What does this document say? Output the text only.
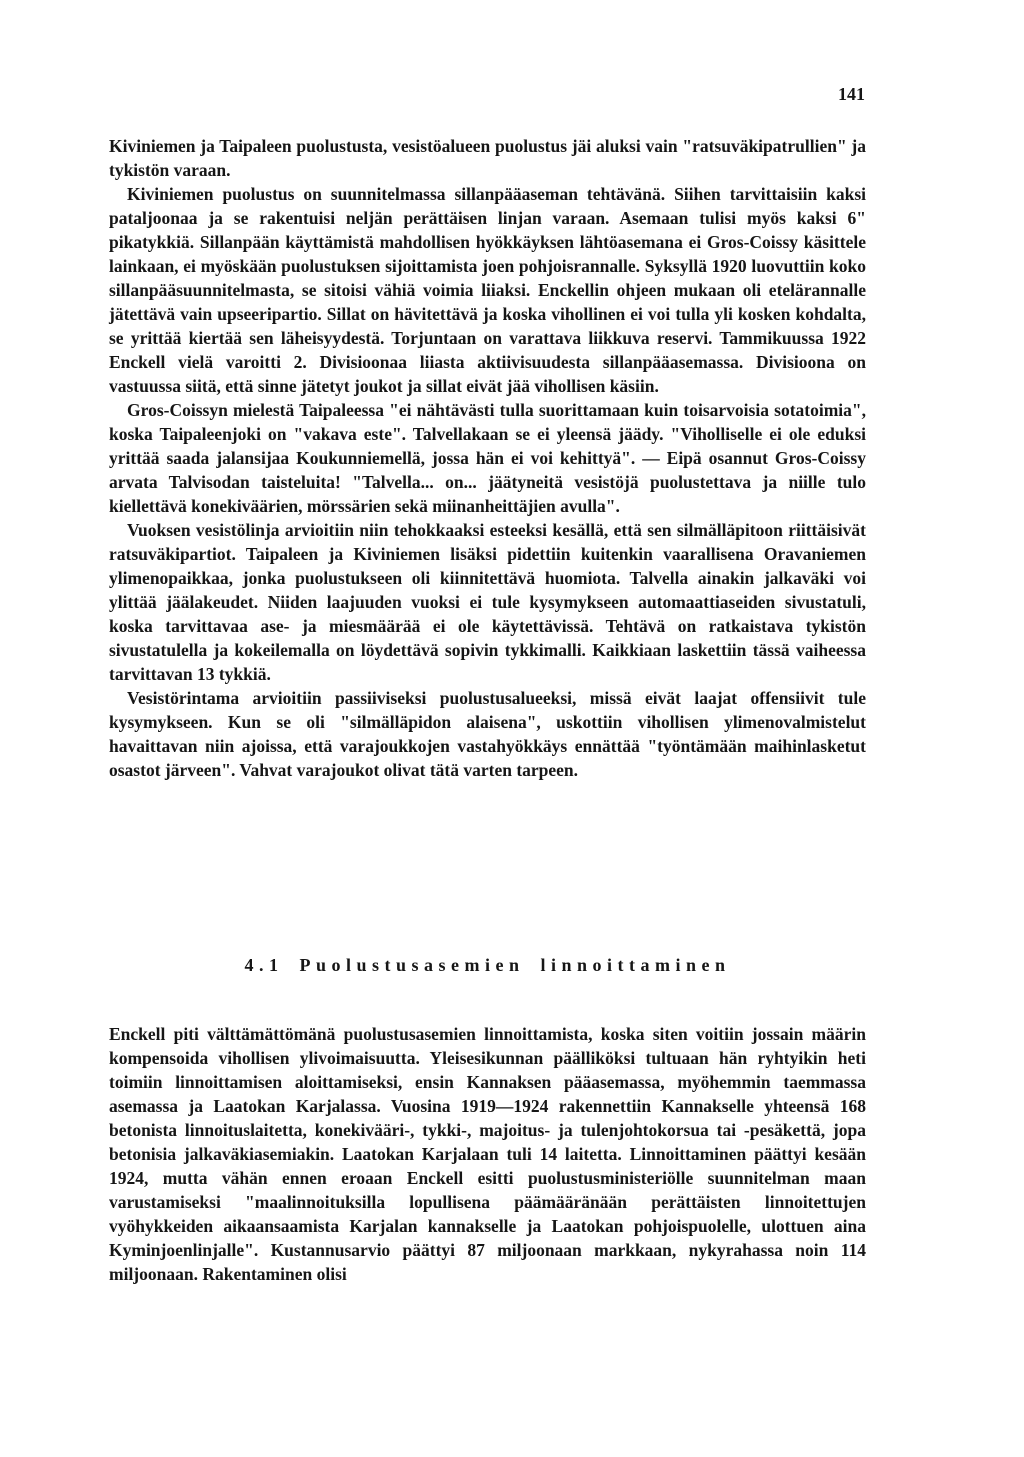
141

Kiviniemen ja Taipaleen puolustusta, vesistöalueen puolustus jäi aluksi vain "ratsuväkipatrullien" ja tykistön varaan.

Kiviniemen puolustus on suunnitelmassa sillanpääaseman tehtävänä. Siihen tarvittaisiin kaksi pataljoonaa ja se rakentuisi neljän perättäisen linjan varaan. Asemaan tulisi myös kaksi 6" pikatykkiä. Sillanpään käyttämistä mahdollisen hyökkäyksen lähtöasemana ei Gros-Coissy käsittele lainkaan, ei myöskään puolustuksen sijoittamista joen pohjoisrannalle. Syksyllä 1920 luovuttiin koko sillanpääsuunnitelmasta, se sitoisi vähiä voimia liiaksi. Enckellin ohjeen mukaan oli etelärannalle jätettävä vain upseeripartio. Sillat on hävitettävä ja koska vihollinen ei voi tulla yli kosken kohdalta, se yrittää kiertää sen läheisyydestä. Torjuntaan on varattava liikkuva reservi. Tammikuussa 1922 Enckell vielä varoitti 2. Divisioonaa liiasta aktiivisuudesta sillanpääasemassa. Divisioona on vastuussa siitä, että sinne jätetyt joukot ja sillat eivät jää vihollisen käsiin.

Gros-Coissyn mielestä Taipaleessa "ei nähtävästi tulla suorittamaan kuin toisarvoisia sotatoimia", koska Taipaleenjoki on "vakava este". Talvellakaan se ei yleensä jäädy. "Viholliselle ei ole eduksi yrittää saada jalansijaa Koukunniemellä, jossa hän ei voi kehittyä". — Eipä osannut Gros-Coissy arvata Talvisodan taisteluita! "Talvella... on... jäätyneitä vesistöjä puolustettava ja niille tulo kiellettävä konekiväärien, mörssärien sekä miinanheittäjien avulla".

Vuoksen vesistölinja arvioitiin niin tehokkaaksi esteeksi kesällä, että sen silmälläpitoon riittäisivät ratsuväkipartiot. Taipaleen ja Kiviniemen lisäksi pidettiin kuitenkin vaarallisena Oravaniemen ylimenopaikkaa, jonka puolustukseen oli kiinnitettävä huomiota. Talvella ainakin jalkaväki voi ylittää jäälakeudet. Niiden laajuuden vuoksi ei tule kysymykseen automaattiaseiden sivustatuli, koska tarvittavaa ase- ja miesmäärää ei ole käytettävissä. Tehtävä on ratkaistava tykistön sivustatulella ja kokeilemalla on löydettävä sopivin tykkimalli. Kaikkiaan laskettiin tässä vaiheessa tarvittavan 13 tykkiä.

Vesistörintama arvioitiin passiiviseksi puolustusalueeksi, missä eivät laajat offensiivit tule kysymykseen. Kun se oli "silmälläpidon alaisena", uskottiin vihollisen ylimenovalmistelut havaittavan niin ajoissa, että varajoukkojen vastahyökkäys ennättää "työntämään maihinlasketut osastot järveen". Vahvat varajoukot olivat tätä varten tarpeen.

4.1 Puolustusasemien linnoittaminen

Enckell piti välttämättömänä puolustusasemien linnoittamista, koska siten voitiin jossain määrin kompensoida vihollisen ylivoimaisuutta. Yleisesikunnan päälliköksi tultuaan hän ryhtyikin heti toimiin linnoittamisen aloittamiseksi, ensin Kannaksen pääasemassa, myöhemmin taemmassa asemassa ja Laatokan Karjalassa. Vuosina 1919—1924 rakennettiin Kannakselle yhteensä 168 betonista linnoituslaitetta, konekivääri-, tykki-, majoitus- ja tulenjohtokorsua tai -pesäkettä, jopa betonisia jalkaväkiasemiakin. Laatokan Karjalaan tuli 14 laitetta. Linnoittaminen päättyi kesään 1924, mutta vähän ennen eroaan Enckell esitti puolustusministeriölle suunnitelman maan varustamiseksi "maalinnoituksilla lopullisena päämääränään perättäisten linnoitettujen vyöhykkeiden aikaansaamista Karjalan kannakselle ja Laatokan pohjoispuolelle, ulottuen aina Kyminjoenlinjalle". Kustannusarvio päättyi 87 miljoonaan markkaan, nykyrahassa noin 114 miljoonaan. Rakentaminen olisi
